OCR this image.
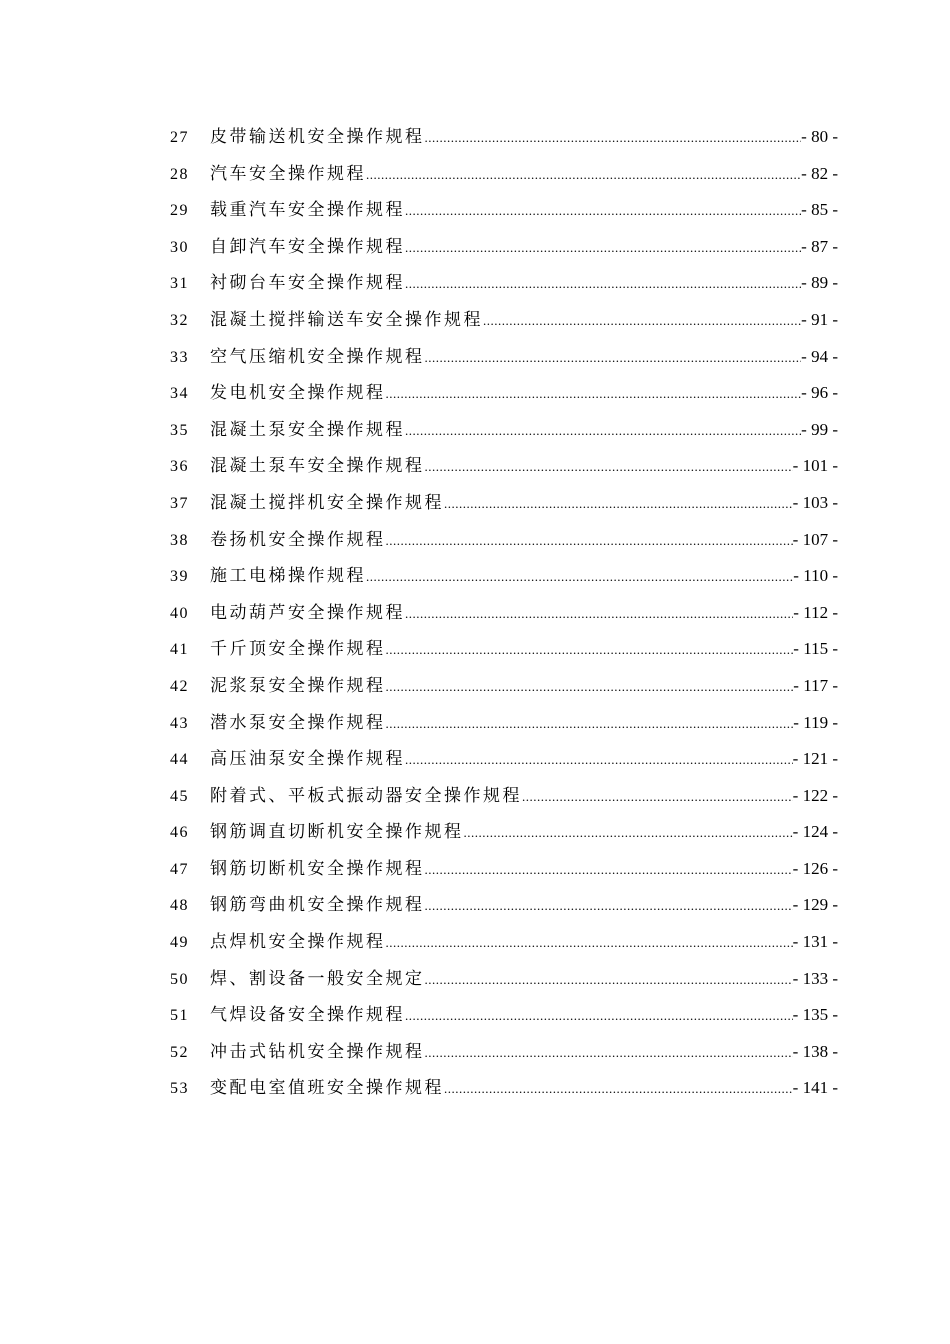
27	皮带输送机安全操作规程 .....	- 80 -
28	汽车安全操作规程 .....	- 82 -
29	载重汽车安全操作规程 .....	- 85 -
30	自卸汽车安全操作规程 .....	- 87 -
31	衬砌台车安全操作规程 .....	- 89 -
32	混凝土搅拌输送车安全操作规程 .....	- 91 -
33	空气压缩机安全操作规程 .....	- 94 -
34	发电机安全操作规程 .....	- 96 -
35	混凝土泵安全操作规程 .....	- 99 -
36	混凝土泵车安全操作规程 .....	- 101 -
37	混凝土搅拌机安全操作规程 .....	- 103 -
38	卷扬机安全操作规程 .....	- 107 -
39	施工电梯操作规程 .....	- 110 -
40	电动葫芦安全操作规程 .....	- 112 -
41	千斤顶安全操作规程 .....	- 115 -
42	泥浆泵安全操作规程 .....	- 117 -
43	潜水泵安全操作规程 .....	- 119 -
44	高压油泵安全操作规程 .....	- 121 -
45	附着式、平板式振动器安全操作规程 .....	- 122 -
46	钢筋调直切断机安全操作规程 .....	- 124 -
47	钢筋切断机安全操作规程 .....	- 126 -
48	钢筋弯曲机安全操作规程 .....	- 129 -
49	点焊机安全操作规程 .....	- 131 -
50	焊、割设备一般安全规定 .....	- 133 -
51	气焊设备安全操作规程 .....	- 135 -
52	冲击式钻机安全操作规程 .....	- 138 -
53	变配电室值班安全操作规程 .....	- 141 -
